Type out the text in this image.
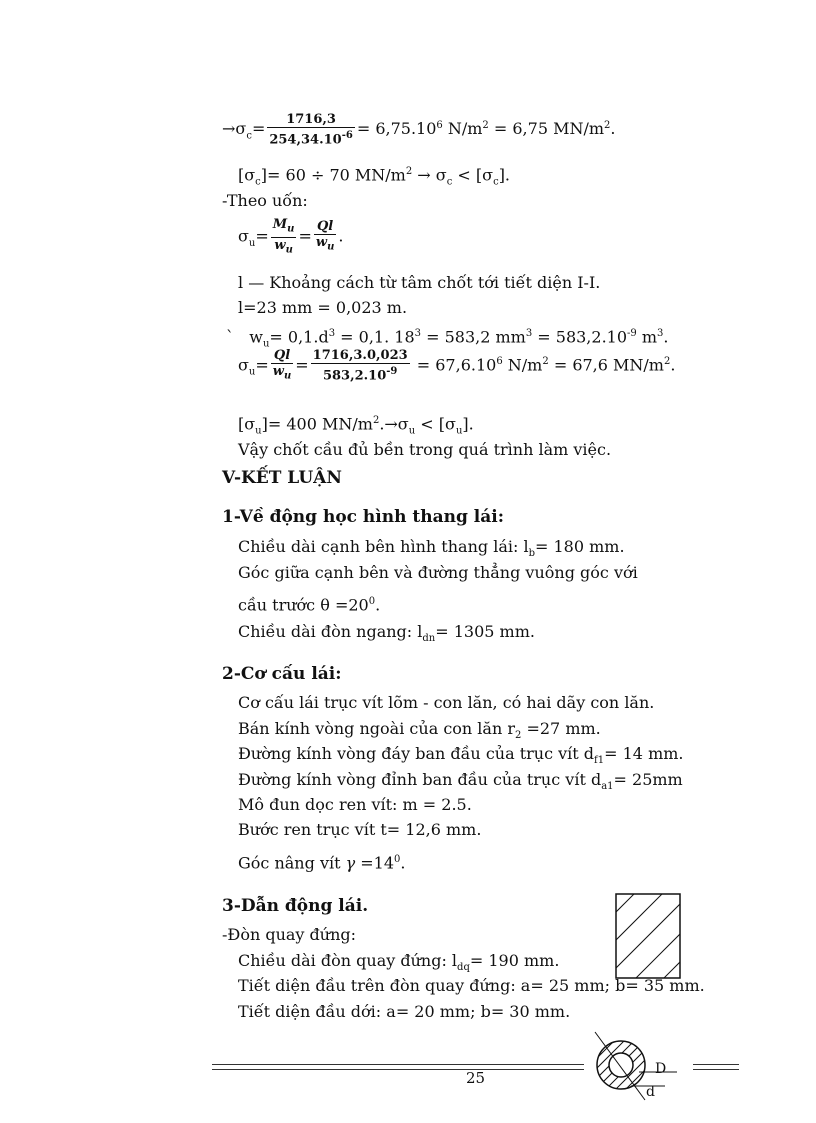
$\to\sigma_c= \frac{1716,3}{254,34.10^{-6}} = 6,75.10^6$ $N/m^2 = 6,75$ $MN/m^2$.
$[\sigma_c]= 60 \div 70$ $MN/m^2 \to \sigma_c < [\sigma_c]$.
-Theo uốn:
$\sigma_u= \frac{M_u}{w_u} = \frac{Ql}{w_u}$ .
l — Khoảng cách từ tâm chốt tới tiết diện I-I.
l=23 mm = 0,023 m.
` $w_u= 0,1.d^3 = 0,1$. $18^3 = 583,2$ $mm^3 = 583,2.10^{-9}$ $m^3$.
$\sigma_u= \frac{Ql}{w_u} = \frac{1716,3.0,023}{583,2.10^{-9}} = 67,6.10^6$ $N/m^2 = 67,6$ $MN/m^2$.
$[\sigma_u]= 400$ $MN/m^2.\to\sigma_u < [\sigma_u]$.
Vậy chốt cầu đủ bền trong quá trình làm việc.
V-KẾT LUẬN
1-Về động học hình thang lái:
Chiều dài cạnh bên hình thang lái: $l_b= 180$ mm.
Góc giữa cạnh bên và đường thẳng vuông góc với
cầu trước $\theta =20^0$.
Chiều dài đòn ngang: $l_{dn}= 1305$ mm.
2-Cơ cấu lái:
Cơ cấu lái trục vít lõm - con lăn, có hai dãy con lăn.
Bán kính vòng ngoài của con lăn $r_2 =27$ mm.
Đường kính vòng đáy ban đầu của trục vít $d_{f1}= 14$ mm.
Đường kính vòng đỉnh ban đầu của trục vít $d_{a1}= 25mm$
Mô đun dọc ren vít: m = 2.5.
Bước ren trục vít t= 12,6 mm.
Góc nâng vít $\gamma =14^0$.
3-Dẫn động lái.
-Đòn quay đứng:
Chiều dài đòn quay đứng: $l_{dq}= 190$ mm.
Tiết diện đầu trên đòn quay đứng: a= 25 mm; b= 35 mm.
Tiết diện đầu dới: a= 20 mm; b= 30 mm.
D
d
25
